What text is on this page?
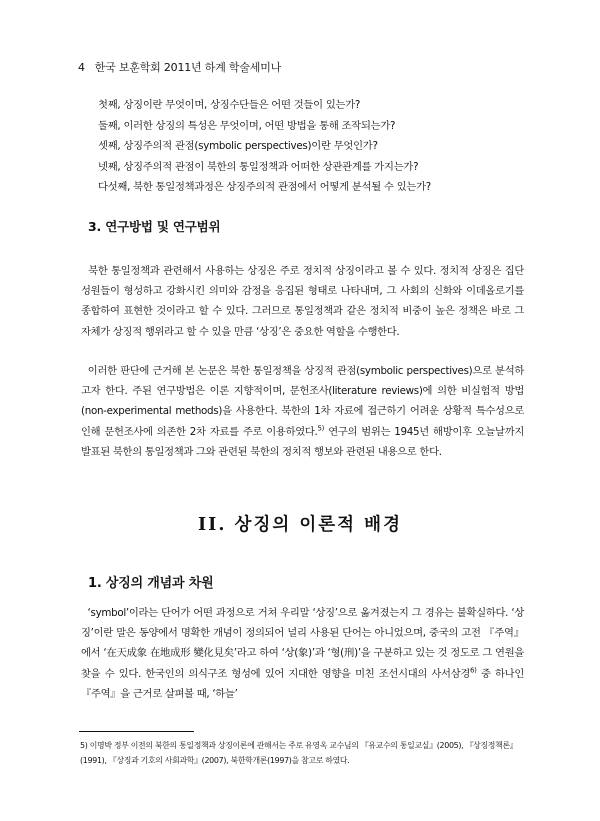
4 한국 보훈학회 2011년 하계 학술세미나
첫째, 상징이란 무엇이며, 상징수단들은 어떤 것들이 있는가?
둘째, 이러한 상징의 특성은 무엇이며, 어떤 방법을 통해 조작되는가?
셋째, 상징주의적 관점(symbolic perspectives)이란 무엇인가?
넷째, 상징주의적 관점이 북한의 통일정책과 어떠한 상관관계를 가지는가?
다섯째, 북한 통일정책과정은 상징주의적 관점에서 어떻게 분석될 수 있는가?
3. 연구방법 및 연구범위

북한 통일정책과 관련해서 사용하는 상징은 주로 정치적 상징이라고 볼 수 있다. 정치적 상징은 집단성원들이 형성하고 강화시킨 의미와 감정을 응집된 형태로 나타내며, 그 사회의 신화와 이데올로기를 종합하여 표현한 것이라고 할 수 있다. 그러므로 통일정책과 같은 정치적 비중이 높은 정책은 바로 그 자체가 상징적 행위라고 할 수 있을 만큼 ‘상징’은 중요한 역할을 수행한다.

이러한 판단에 근거해 본 논문은 북한 통일정책을 상징적 관점(symbolic perspectives)으로 분석하고자 한다. 주된 연구방법은 이론 지향적이며, 문헌조사(literature reviews)에 의한 비실험적 방법(non-experimental methods)을 사용한다. 북한의 1차 자료에 접근하기 어려운 상황적 특수성으로 인해 문헌조사에 의존한 2차 자료를 주로 이용하였다.$^{5)}$ 연구의 범위는 1945년 해방이후 오늘날까지 발표된 북한의 통일정책과 그와 관련된 북한의 정치적 행보와 관련된 내용으로 한다.

II. 상징의 이론적 배경
1. 상징의 개념과 차원

‘symbol’이라는 단어가 어떤 과정으로 거쳐 우리말 ‘상징’으로 옮겨졌는지 그 경유는 불확실하다. ‘상징’이란 말은 동양에서 명확한 개념이 정의되어 널리 사용된 단어는 아니었으며, 중국의 고전 『주역』에서 ‘在天成象 在地成形 變化見矣’라고 하여 ‘상(象)’과 ‘형(刑)’을 구분하고 있는 것 정도로 그 연원을 찾을 수 있다. 한국인의 의식구조 형성에 있어 지대한 영향을 미친 조선시대의 사서삼경$^{6)}$ 중 하나인 『주역』을 근거로 살펴볼 때, ‘하늘’

5) 이명박 정부 이전의 북한의 통일정책과 상징이론에 관해서는 주로 유영옥 교수님의 『유교수의 통일교실』(2005), 『상징정책론』(1991), 『상징과 기호의 사회과학』(2007), 북한학개론(1997)을 참고로 하였다.
